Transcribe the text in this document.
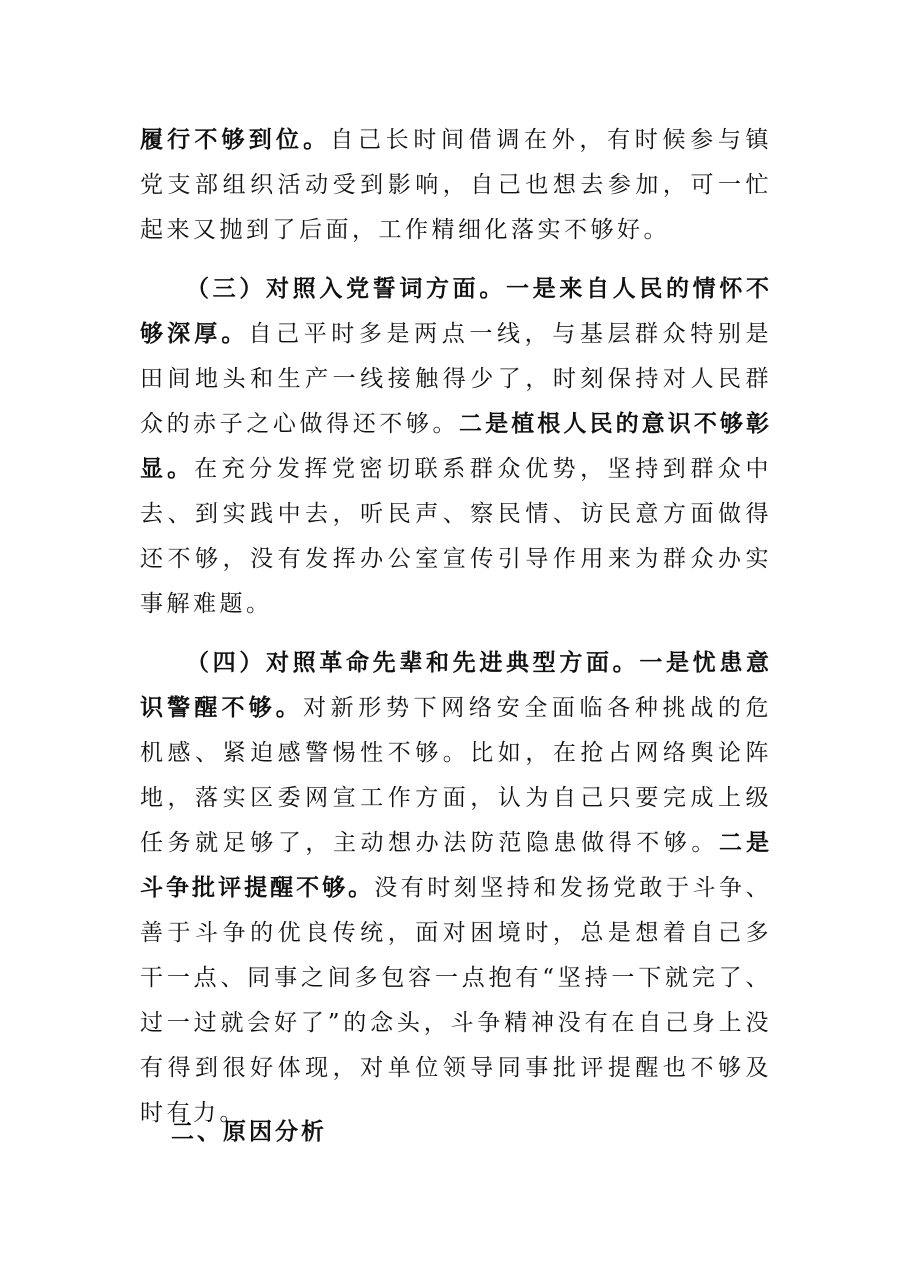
履行不够到位。自己长时间借调在外，有时候参与镇党支部组织活动受到影响，自己也想去参加，可一忙起来又抛到了后面，工作精细化落实不够好。

（三）对照入党誓词方面。一是来自人民的情怀不够深厚。自己平时多是两点一线，与基层群众特别是田间地头和生产一线接触得少了，时刻保持对人民群众的赤子之心做得还不够。二是植根人民的意识不够彰显。在充分发挥党密切联系群众优势，坚持到群众中去、到实践中去，听民声、察民情、访民意方面做得还不够，没有发挥办公室宣传引导作用来为群众办实事解难题。

（四）对照革命先辈和先进典型方面。一是忧患意识警醒不够。对新形势下网络安全面临各种挑战的危机感、紧迫感警惕性不够。比如，在抢占网络舆论阵地，落实区委网宣工作方面，认为自己只要完成上级任务就足够了，主动想办法防范隐患做得不够。二是斗争批评提醒不够。没有时刻坚持和发扬党敢于斗争、善于斗争的优良传统，面对困境时，总是想着自己多干一点、同事之间多包容一点抱有“坚持一下就完了、过一过就会好了”的念头，斗争精神没有在自己身上没有得到很好体现，对单位领导同事批评提醒也不够及时有力。

二、原因分析
